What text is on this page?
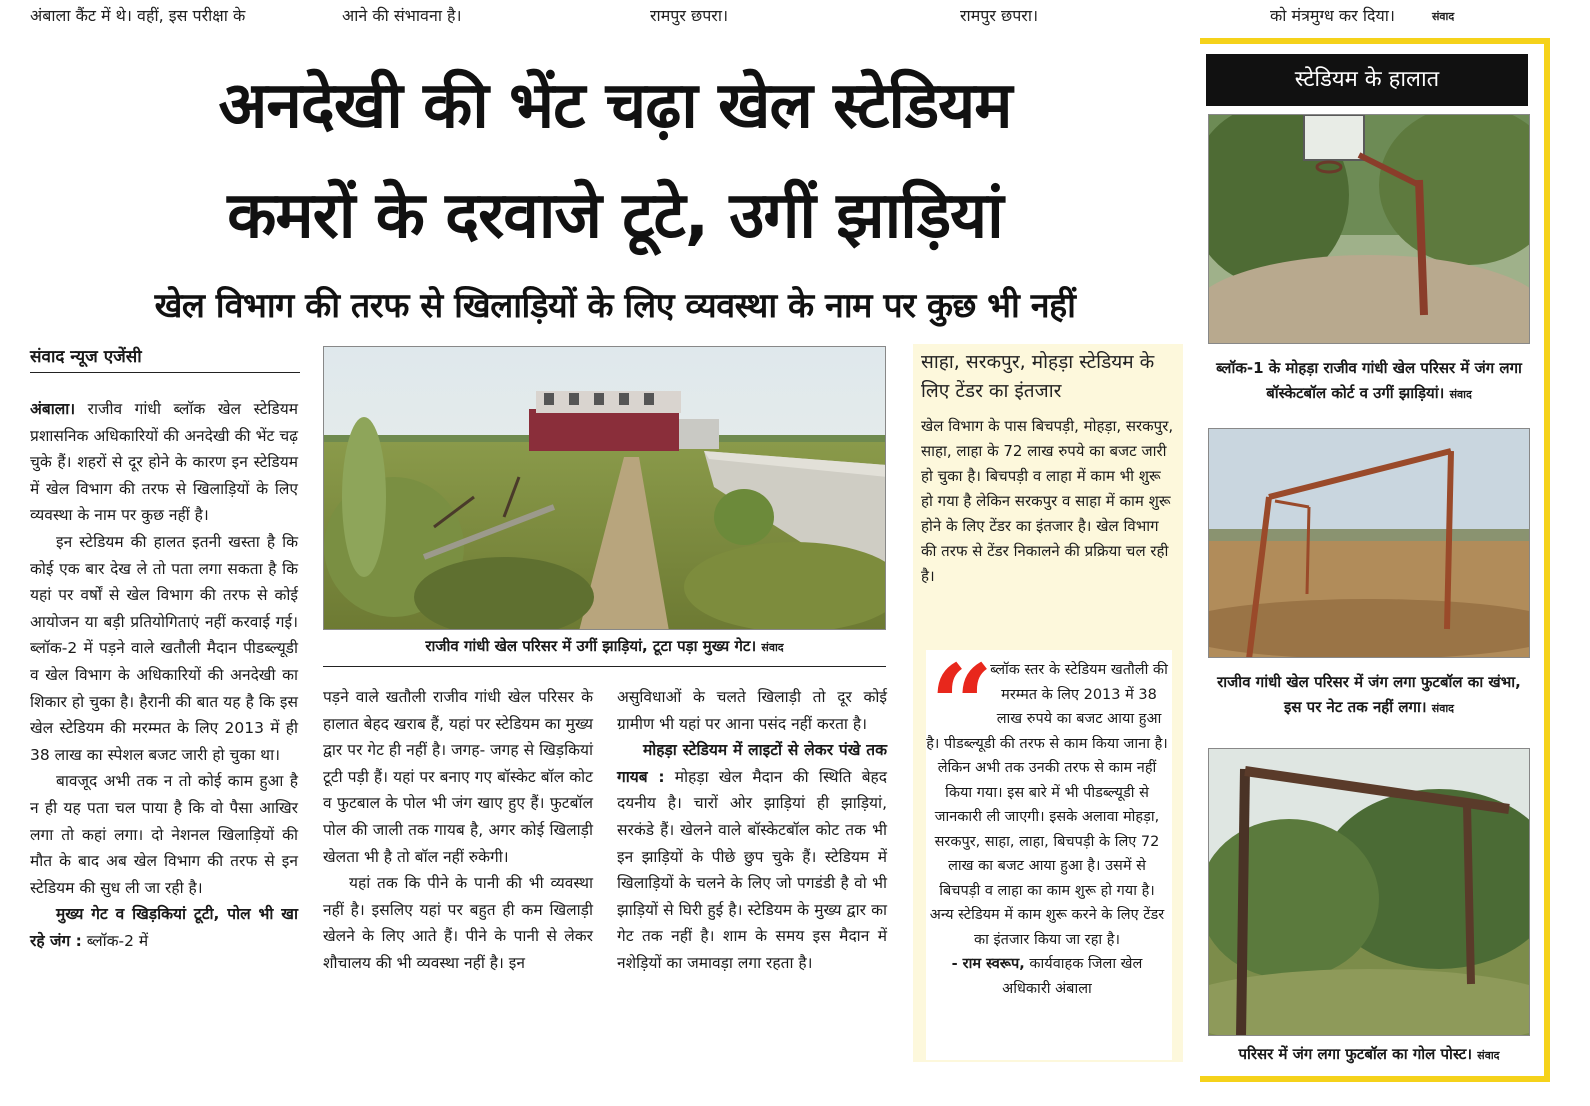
अंबाला कैंट में थे। वहीं, इस परीक्षा के	आने की संभावना है।	रामपुर छपरा।	रामपुर छपरा।	को मंत्रमुग्ध कर दिया।	संवाद
अनदेखी की भेंट चढ़ा खेल स्टेडियम
कमरों के दरवाजे टूटे, उगीं झाड़ियां
खेल विभाग की तरफ से खिलाड़ियों के लिए व्यवस्था के नाम पर कुछ भी नहीं
संवाद न्यूज एजेंसी

अंबाला। राजीव गांधी ब्लॉक खेल स्टेडियम प्रशासनिक अधिकारियों की अनदेखी की भेंट चढ़ चुके हैं। शहरों से दूर होने के कारण इन स्टेडियम में खेल विभाग की तरफ से खिलाड़ियों के लिए व्यवस्था के नाम पर कुछ नहीं है।

इन स्टेडियम की हालत इतनी खस्ता है कि कोई एक बार देख ले तो पता लगा सकता है कि यहां पर वर्षों से खेल विभाग की तरफ से कोई आयोजन या बड़ी प्रतियोगिताएं नहीं करवाई गई। ब्लॉक-2 में पड़ने वाले खतौली मैदान पीडब्ल्यूडी व खेल विभाग के अधिकारियों की अनदेखी का शिकार हो चुका है। हैरानी की बात यह है कि इस खेल स्टेडियम की मरम्मत के लिए 2013 में ही 38 लाख का स्पेशल बजट जारी हो चुका था।

बावजूद अभी तक न तो कोई काम हुआ है न ही यह पता चल पाया है कि वो पैसा आखिर लगा तो कहां लगा। दो नेशनल खिलाड़ियों की मौत के बाद अब खेल विभाग की तरफ से इन स्टेडियम की सुध ली जा रही है।

मुख्य गेट व खिड़कियां टूटी, पोल भी खा रहे जंग : ब्लॉक-2 में

राजीव गांधी खेल परिसर में उगीं झाड़ियां, टूटा पड़ा मुख्य गेट। संवाद

पड़ने वाले खतौली राजीव गांधी खेल परिसर के हालात बेहद खराब हैं, यहां पर स्टेडियम का मुख्य द्वार पर गेट ही नहीं है। जगह- जगह से खिड़कियां टूटी पड़ी हैं। यहां पर बनाए गए बॉस्केट बॉल कोट व फुटबाल के पोल भी जंग खाए हुए हैं। फुटबॉल पोल की जाली तक गायब है, अगर कोई खिलाड़ी खेलता भी है तो बॉल नहीं रुकेगी।

यहां तक कि पीने के पानी की भी व्यवस्था नहीं है। इसलिए यहां पर बहुत ही कम खिलाड़ी खेलने के लिए आते हैं। पीने के पानी से लेकर शौचालय की भी व्यवस्था नहीं है। इन

असुविधाओं के चलते खिलाड़ी तो दूर कोई ग्रामीण भी यहां पर आना पसंद नहीं करता है।

मोहड़ा स्टेडियम में लाइटों से लेकर पंखे तक गायब : मोहड़ा खेल मैदान की स्थिति बेहद दयनीय है। चारों ओर झाड़ियां ही झाड़ियां, सरकंडे हैं। खेलने वाले बॉस्केटबॉल कोट तक भी इन झाड़ियों के पीछे छुप चुके हैं। स्टेडियम में खिलाड़ियों के चलने के लिए जो पगडंडी है वो भी झाड़ियों से घिरी हुई है। स्टेडियम के मुख्य द्वार का गेट तक नहीं है। शाम के समय इस मैदान में नशेड़ियों का जमावड़ा लगा रहता है।

साहा, सरकपुर, मोहड़ा स्टेडियम के लिए टेंडर का इंतजार
खेल विभाग के पास बिचपड़ी, मोहड़ा, सरकपुर, साहा, लाहा के 72 लाख रुपये का बजट जारी हो चुका है। बिचपड़ी व लाहा में काम भी शुरू हो गया है लेकिन सरकपुर व साहा में काम शुरू होने के लिए टेंडर का इंतजार है। खेल विभाग की तरफ से टेंडर निकालने की प्रक्रिया चल रही है।
“
ब्लॉक स्तर के स्टेडियम खतौली की मरम्मत के लिए 2013 में 38 लाख रुपये का बजट आया हुआ है। पीडब्ल्यूडी की तरफ से काम किया जाना है। लेकिन अभी तक उनकी तरफ से काम नहीं किया गया। इस बारे में भी पीडब्ल्यूडी से जानकारी ली जाएगी। इसके अलावा मोहड़ा, सरकपुर, साहा, लाहा, बिचपड़ी के लिए 72 लाख का बजट आया हुआ है। उसमें से बिचपड़ी व लाहा का काम शुरू हो गया है। अन्य स्टेडियम में काम शुरू करने के लिए टेंडर का इंतजार किया जा रहा है।
- राम स्वरूप, कार्यवाहक जिला खेल अधिकारी अंबाला
स्टेडियम के हालात
ब्लॉक-1 के मोहड़ा राजीव गांधी खेल परिसर में जंग लगा बॉस्केटबॉल कोर्ट व उगीं झाड़ियां। संवाद
राजीव गांधी खेल परिसर में जंग लगा फुटबॉल का खंभा, इस पर नेट तक नहीं लगा। संवाद
परिसर में जंग लगा फुटबॉल का गोल पोस्ट। संवाद
